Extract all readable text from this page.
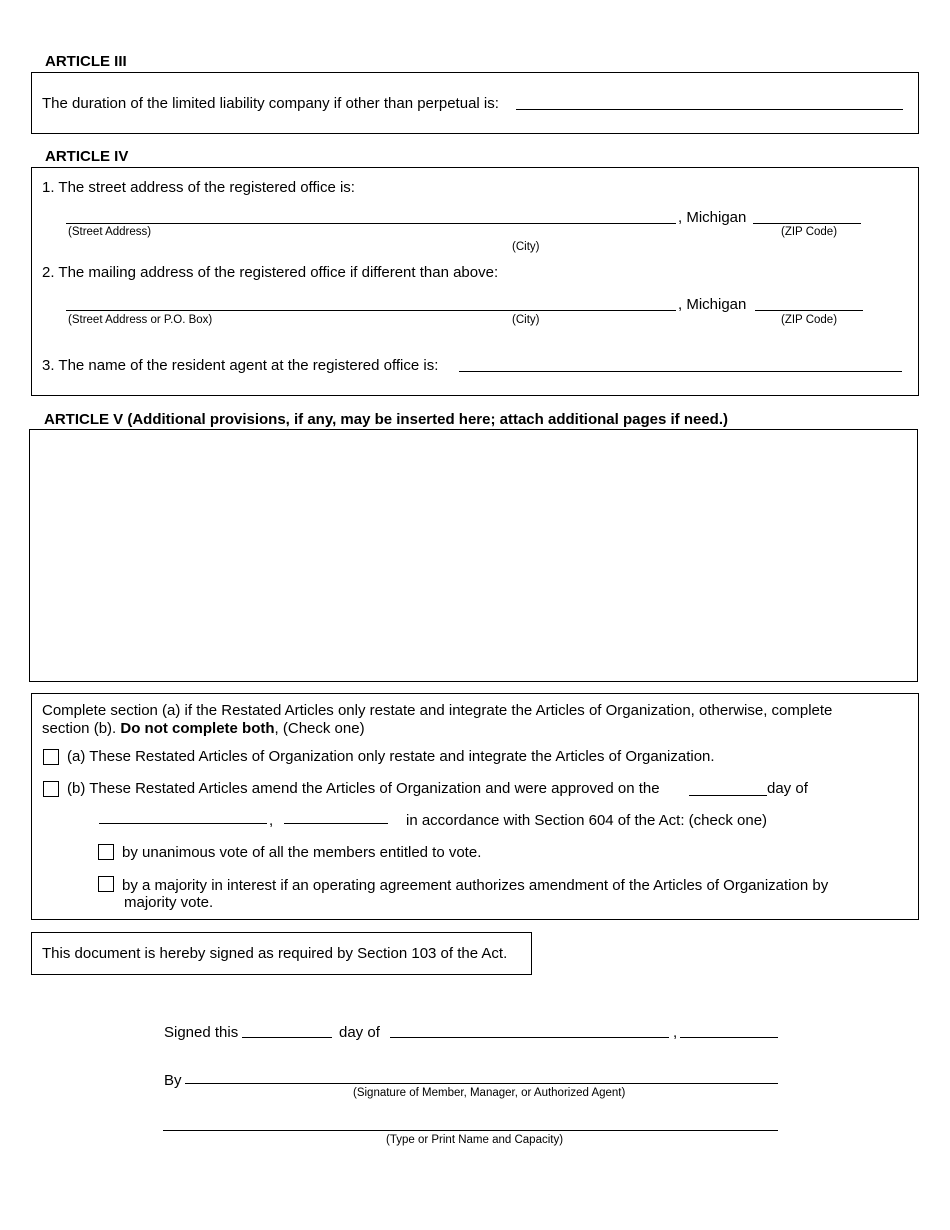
ARTICLE III
The duration of the limited liability company if other than perpetual is:
ARTICLE IV
1. The street address of the registered office is:
, Michigan
(Street Address)	(ZIP Code)
(City)
2. The mailing address of the registered office if different than above:
, Michigan
(Street Address or P.O. Box)	(City)	(ZIP Code)
3. The name of the resident agent at the registered office is:
ARTICLE V (Additional provisions, if any, may be inserted here; attach additional pages if need.)
Complete section (a) if the Restated Articles only restate and integrate the Articles of Organization, otherwise, complete
section (b). Do not complete both, (Check one)
(a) These Restated Articles of Organization only restate and integrate the Articles of Organization.
(b) These Restated Articles amend the Articles of Organization and were approved on the	day of
,	in accordance with Section 604 of the Act: (check one)
by unanimous vote of all the members entitled to vote.
by a majority in interest if an operating agreement authorizes amendment of the Articles of Organization by
majority vote.
This document is hereby signed as required by Section 103 of the Act.
Signed this	day of	,
By
(Signature of Member, Manager, or Authorized Agent)
(Type or Print Name and Capacity)
